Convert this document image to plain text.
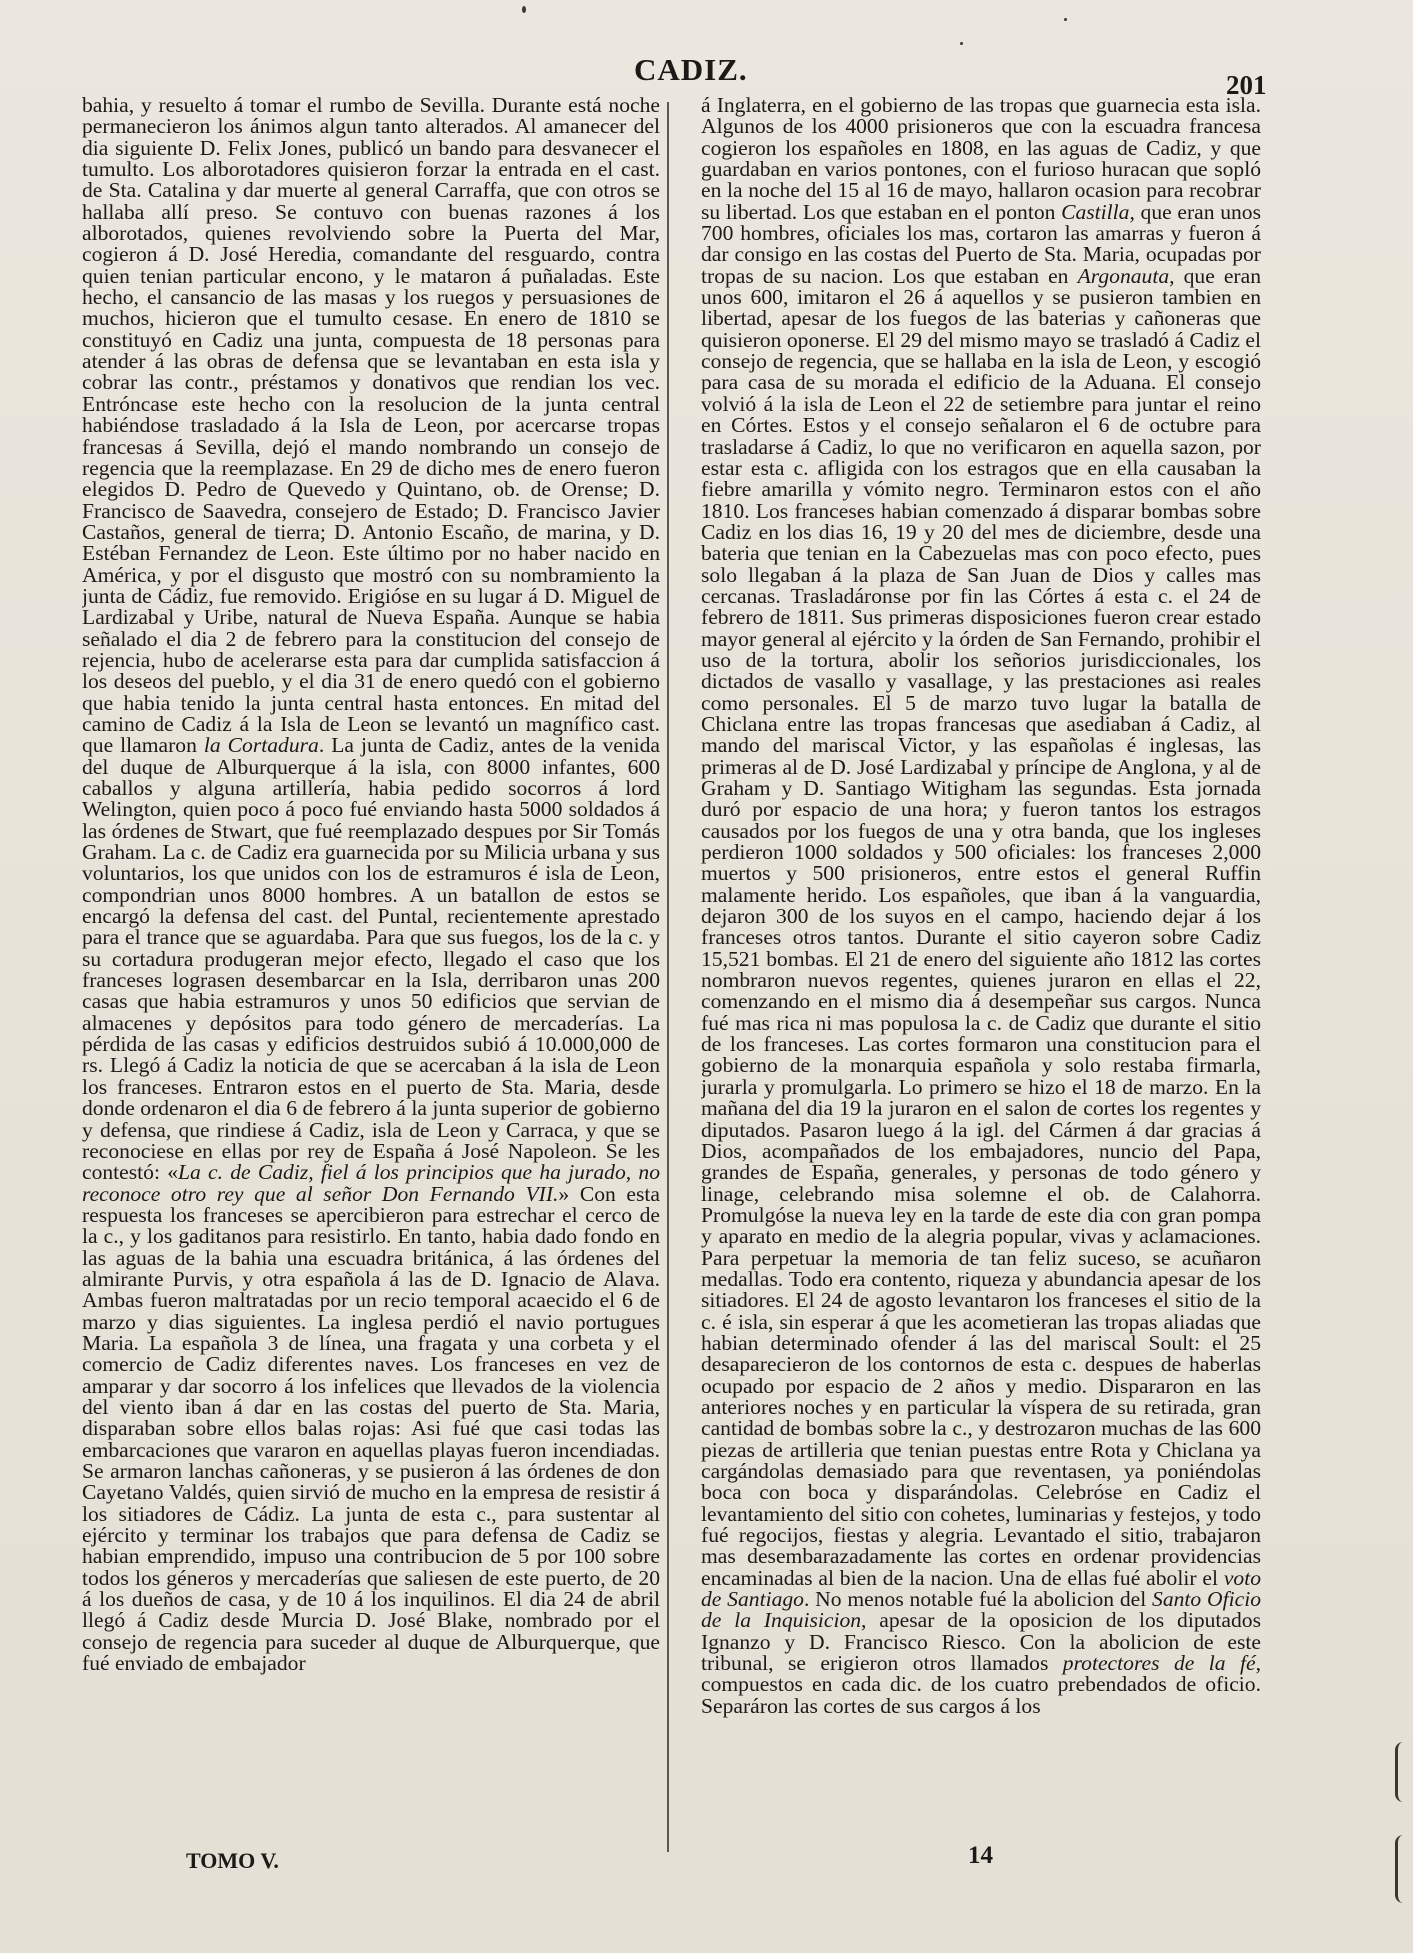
CADIZ.	201

bahia, y resuelto á tomar el rumbo de Sevilla. Durante está noche permanecieron los ánimos algun tanto alterados. Al amanecer del dia siguiente D. Felix Jones, publicó un bando para desvanecer el tumulto. Los alborotadores quisieron forzar la entrada en el cast. de Sta. Catalina y dar muerte al general Carraffa, que con otros se hallaba allí preso. Se contuvo con buenas razones á los alborotados, quienes revolviendo sobre la Puerta del Mar, cogieron á D. José Heredia, comandante del resguardo, contra quien tenian particular encono, y le mataron á puñaladas. Este hecho, el cansancio de las masas y los ruegos y persuasiones de muchos, hicieron que el tumulto cesase. En enero de 1810 se constituyó en Cadiz una junta, compuesta de 18 personas para atender á las obras de defensa que se levantaban en esta isla y cobrar las contr., préstamos y donativos que rendian los vec. Entróncase este hecho con la resolucion de la junta central habiéndose trasladado á la Isla de Leon, por acercarse tropas francesas á Sevilla, dejó el mando nombrando un consejo de regencia que la reemplazase. En 29 de dicho mes de enero fueron elegidos D. Pedro de Quevedo y Quintano, ob. de Orense; D. Francisco de Saavedra, consejero de Estado; D. Francisco Javier Castaños, general de tierra; D. Antonio Escaño, de marina, y D. Estéban Fernandez de Leon. Este último por no haber nacido en América, y por el disgusto que mostró con su nombramiento la junta de Cádiz, fue removido. Erigióse en su lugar á D. Miguel de Lardizabal y Uribe, natural de Nueva España. Aunque se habia señalado el dia 2 de febrero para la constitucion del consejo de rejencia, hubo de acelerarse esta para dar cumplida satisfaccion á los deseos del pueblo, y el dia 31 de enero quedó con el gobierno que habia tenido la junta central hasta entonces. En mitad del camino de Cadiz á la Isla de Leon se levantó un magnífico cast. que llamaron la Cortadura. La junta de Cadiz, antes de la venida del duque de Alburquerque á la isla, con 8000 infantes, 600 caballos y alguna artillería, habia pedido socorros á lord Welington, quien poco á poco fué enviando hasta 5000 soldados á las órdenes de Stwart, que fué reemplazado despues por Sir Tomás Graham. La c. de Cadiz era guarnecida por su Milicia urbana y sus voluntarios, los que unidos con los de estramuros é isla de Leon, compondrian unos 8000 hombres. A un batallon de estos se encargó la defensa del cast. del Puntal, recientemente aprestado para el trance que se aguardaba. Para que sus fuegos, los de la c. y su cortadura produgeran mejor efecto, llegado el caso que los franceses lograsen desembarcar en la Isla, derribaron unas 200 casas que habia estramuros y unos 50 edificios que servian de almacenes y depósitos para todo género de mercaderías. La pérdida de las casas y edificios destruidos subió á 10.000,000 de rs. Llegó á Cadiz la noticia de que se acercaban á la isla de Leon los franceses. Entraron estos en el puerto de Sta. Maria, desde donde ordenaron el dia 6 de febrero á la junta superior de gobierno y defensa, que rindiese á Cadiz, isla de Leon y Carraca, y que se reconociese en ellas por rey de España á José Napoleon. Se les contestó: «La c. de Cadiz, fiel á los principios que ha jurado, no reconoce otro rey que al señor Don Fernando VII.» Con esta respuesta los franceses se apercibieron para estrechar el cerco de la c., y los gaditanos para resistirlo. En tanto, habia dado fondo en las aguas de la bahia una escuadra británica, á las órdenes del almirante Purvis, y otra española á las de D. Ignacio de Alava. Ambas fueron maltratadas por un recio temporal acaecido el 6 de marzo y dias siguientes. La inglesa perdió el navio portugues Maria. La española 3 de línea, una fragata y una corbeta y el comercio de Cadiz diferentes naves. Los franceses en vez de amparar y dar socorro á los infelices que llevados de la violencia del viento iban á dar en las costas del puerto de Sta. Maria, disparaban sobre ellos balas rojas: Asi fué que casi todas las embarcaciones que vararon en aquellas playas fueron incendiadas. Se armaron lanchas cañoneras, y se pusieron á las órdenes de don Cayetano Valdés, quien sirvió de mucho en la empresa de resistir á los sitiadores de Cádiz. La junta de esta c., para sustentar al ejército y terminar los trabajos que para defensa de Cadiz se habian emprendido, impuso una contribucion de 5 por 100 sobre todos los géneros y mercaderías que saliesen de este puerto, de 20 á los dueños de casa, y de 10 á los inquilinos. El dia 24 de abril llegó á Cadiz desde Murcia D. José Blake, nombrado por el consejo de regencia para suceder al duque de Alburquerque, que fué enviado de embajador

á Inglaterra, en el gobierno de las tropas que guarnecia esta isla. Algunos de los 4000 prisioneros que con la escuadra francesa cogieron los españoles en 1808, en las aguas de Cadiz, y que guardaban en varios pontones, con el furioso huracan que sopló en la noche del 15 al 16 de mayo, hallaron ocasion para recobrar su libertad. Los que estaban en el ponton Castilla, que eran unos 700 hombres, oficiales los mas, cortaron las amarras y fueron á dar consigo en las costas del Puerto de Sta. Maria, ocupadas por tropas de su nacion. Los que estaban en Argonauta, que eran unos 600, imitaron el 26 á aquellos y se pusieron tambien en libertad, apesar de los fuegos de las baterias y cañoneras que quisieron oponerse. El 29 del mismo mayo se trasladó á Cadiz el consejo de regencia, que se hallaba en la isla de Leon, y escogió para casa de su morada el edificio de la Aduana. El consejo volvió á la isla de Leon el 22 de setiembre para juntar el reino en Córtes. Estos y el consejo señalaron el 6 de octubre para trasladarse á Cadiz, lo que no verificaron en aquella sazon, por estar esta c. afligida con los estragos que en ella causaban la fiebre amarilla y vómito negro. Terminaron estos con el año 1810. Los franceses habian comenzado á disparar bombas sobre Cadiz en los dias 16, 19 y 20 del mes de diciembre, desde una bateria que tenian en la Cabezuelas mas con poco efecto, pues solo llegaban á la plaza de San Juan de Dios y calles mas cercanas. Trasladáronse por fin las Córtes á esta c. el 24 de febrero de 1811. Sus primeras disposiciones fueron crear estado mayor general al ejército y la órden de San Fernando, prohibir el uso de la tortura, abolir los señorios jurisdiccionales, los dictados de vasallo y vasallage, y las prestaciones asi reales como personales. El 5 de marzo tuvo lugar la batalla de Chiclana entre las tropas francesas que asediaban á Cadiz, al mando del mariscal Victor, y las españolas é inglesas, las primeras al de D. José Lardizabal y príncipe de Anglona, y al de Graham y D. Santiago Witigham las segundas. Esta jornada duró por espacio de una hora; y fueron tantos los estragos causados por los fuegos de una y otra banda, que los ingleses perdieron 1000 soldados y 500 oficiales: los franceses 2,000 muertos y 500 prisioneros, entre estos el general Ruffin malamente herido. Los españoles, que iban á la vanguardia, dejaron 300 de los suyos en el campo, haciendo dejar á los franceses otros tantos. Durante el sitio cayeron sobre Cadiz 15,521 bombas. El 21 de enero del siguiente año 1812 las cortes nombraron nuevos regentes, quienes juraron en ellas el 22, comenzando en el mismo dia á desempeñar sus cargos. Nunca fué mas rica ni mas populosa la c. de Cadiz que durante el sitio de los franceses. Las cortes formaron una constitucion para el gobierno de la monarquia española y solo restaba firmarla, jurarla y promulgarla. Lo primero se hizo el 18 de marzo. En la mañana del dia 19 la juraron en el salon de cortes los regentes y diputados. Pasaron luego á la igl. del Cármen á dar gracias á Dios, acompañados de los embajadores, nuncio del Papa, grandes de España, generales, y personas de todo género y linage, celebrando misa solemne el ob. de Calahorra. Promulgóse la nueva ley en la tarde de este dia con gran pompa y aparato en medio de la alegria popular, vivas y aclamaciones. Para perpetuar la memoria de tan feliz suceso, se acuñaron medallas. Todo era contento, riqueza y abundancia apesar de los sitiadores. El 24 de agosto levantaron los franceses el sitio de la c. é isla, sin esperar á que les acometieran las tropas aliadas que habian determinado ofender á las del mariscal Soult: el 25 desaparecieron de los contornos de esta c. despues de haberlas ocupado por espacio de 2 años y medio. Dispararon en las anteriores noches y en particular la víspera de su retirada, gran cantidad de bombas sobre la c., y destrozaron muchas de las 600 piezas de artilleria que tenian puestas entre Rota y Chiclana ya cargándolas demasiado para que reventasen, ya poniéndolas boca con boca y disparándolas. Celebróse en Cadiz el levantamiento del sitio con cohetes, luminarias y festejos, y todo fué regocijos, fiestas y alegria. Levantado el sitio, trabajaron mas desembarazadamente las cortes en ordenar providencias encaminadas al bien de la nacion. Una de ellas fué abolir el voto de Santiago. No menos notable fué la abolicion del Santo Oficio de la Inquisicion, apesar de la oposicion de los diputados Ignanzo y D. Francisco Riesco. Con la abolicion de este tribunal, se erigieron otros llamados protectores de la fé, compuestos en cada dic. de los cuatro prebendados de oficio. Separáron las cortes de sus cargos á los

TOMO V.	14
